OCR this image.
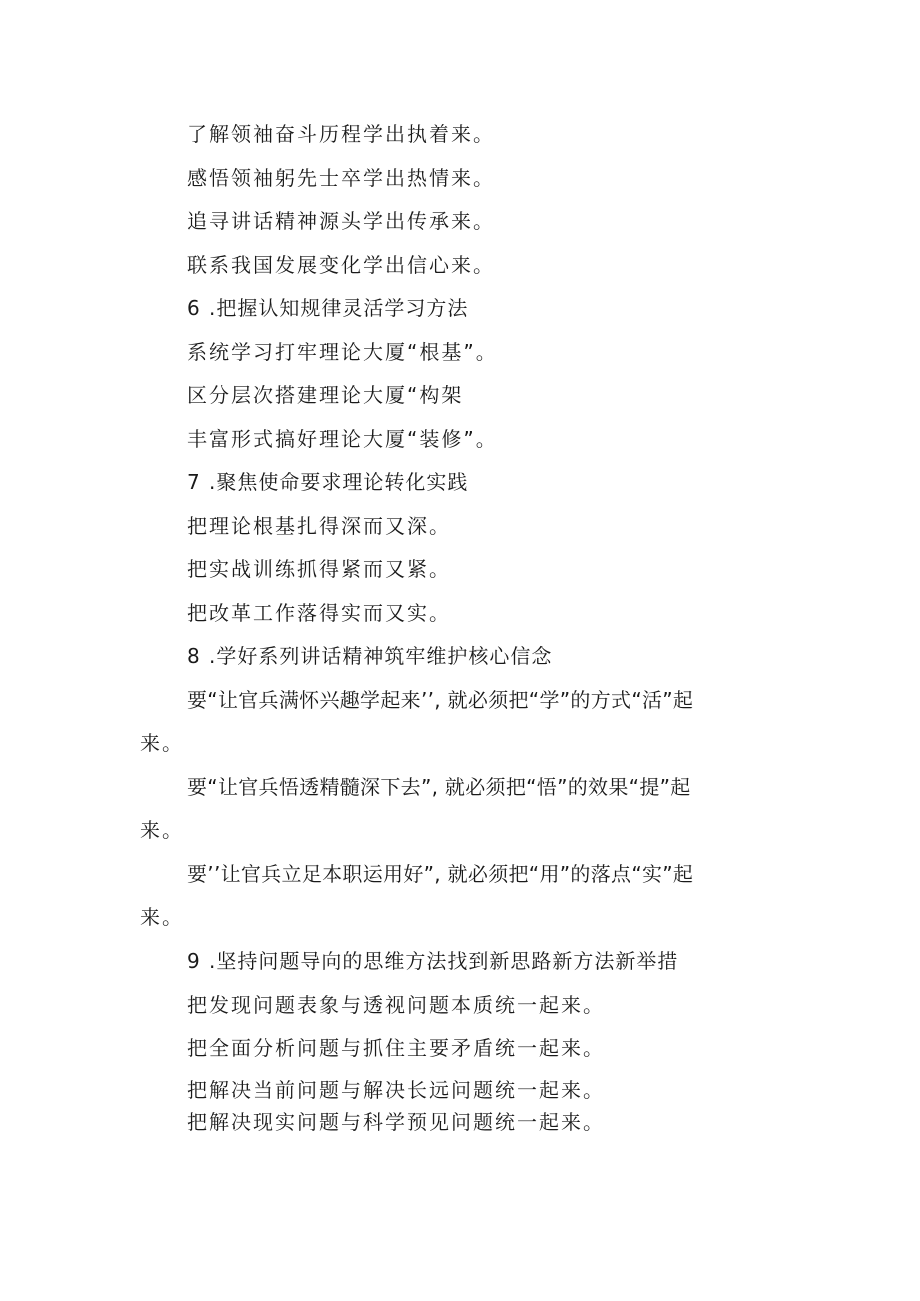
了解领袖奋斗历程学出执着来。
感悟领袖躬先士卒学出热情来。
追寻讲话精神源头学出传承来。
联系我国发展变化学出信心来。
6 .把握认知规律灵活学习方法
系统学习打牢理论大厦“根基”。
区分层次搭建理论大厦“构架
丰富形式搞好理论大厦“装修”。
7 .聚焦使命要求理论转化实践
把理论根基扎得深而又深。
把实战训练抓得紧而又紧。
把改革工作落得实而又实。
8 .学好系列讲话精神筑牢维护核心信念
要“让官兵满怀兴趣学起来’’, 就必须把“学”的方式“活”起
来。
要“让官兵悟透精髓深下去”, 就必须把“悟”的效果“提”起
来。
要’’让官兵立足本职运用好”, 就必须把“用”的落点“实”起
来。
9 .坚持问题导向的思维方法找到新思路新方法新举措
把发现问题表象与透视问题本质统一起来。
把全面分析问题与抓住主要矛盾统一起来。
把解决当前问题与解决长远问题统一起来。
把解决现实问题与科学预见问题统一起来。
